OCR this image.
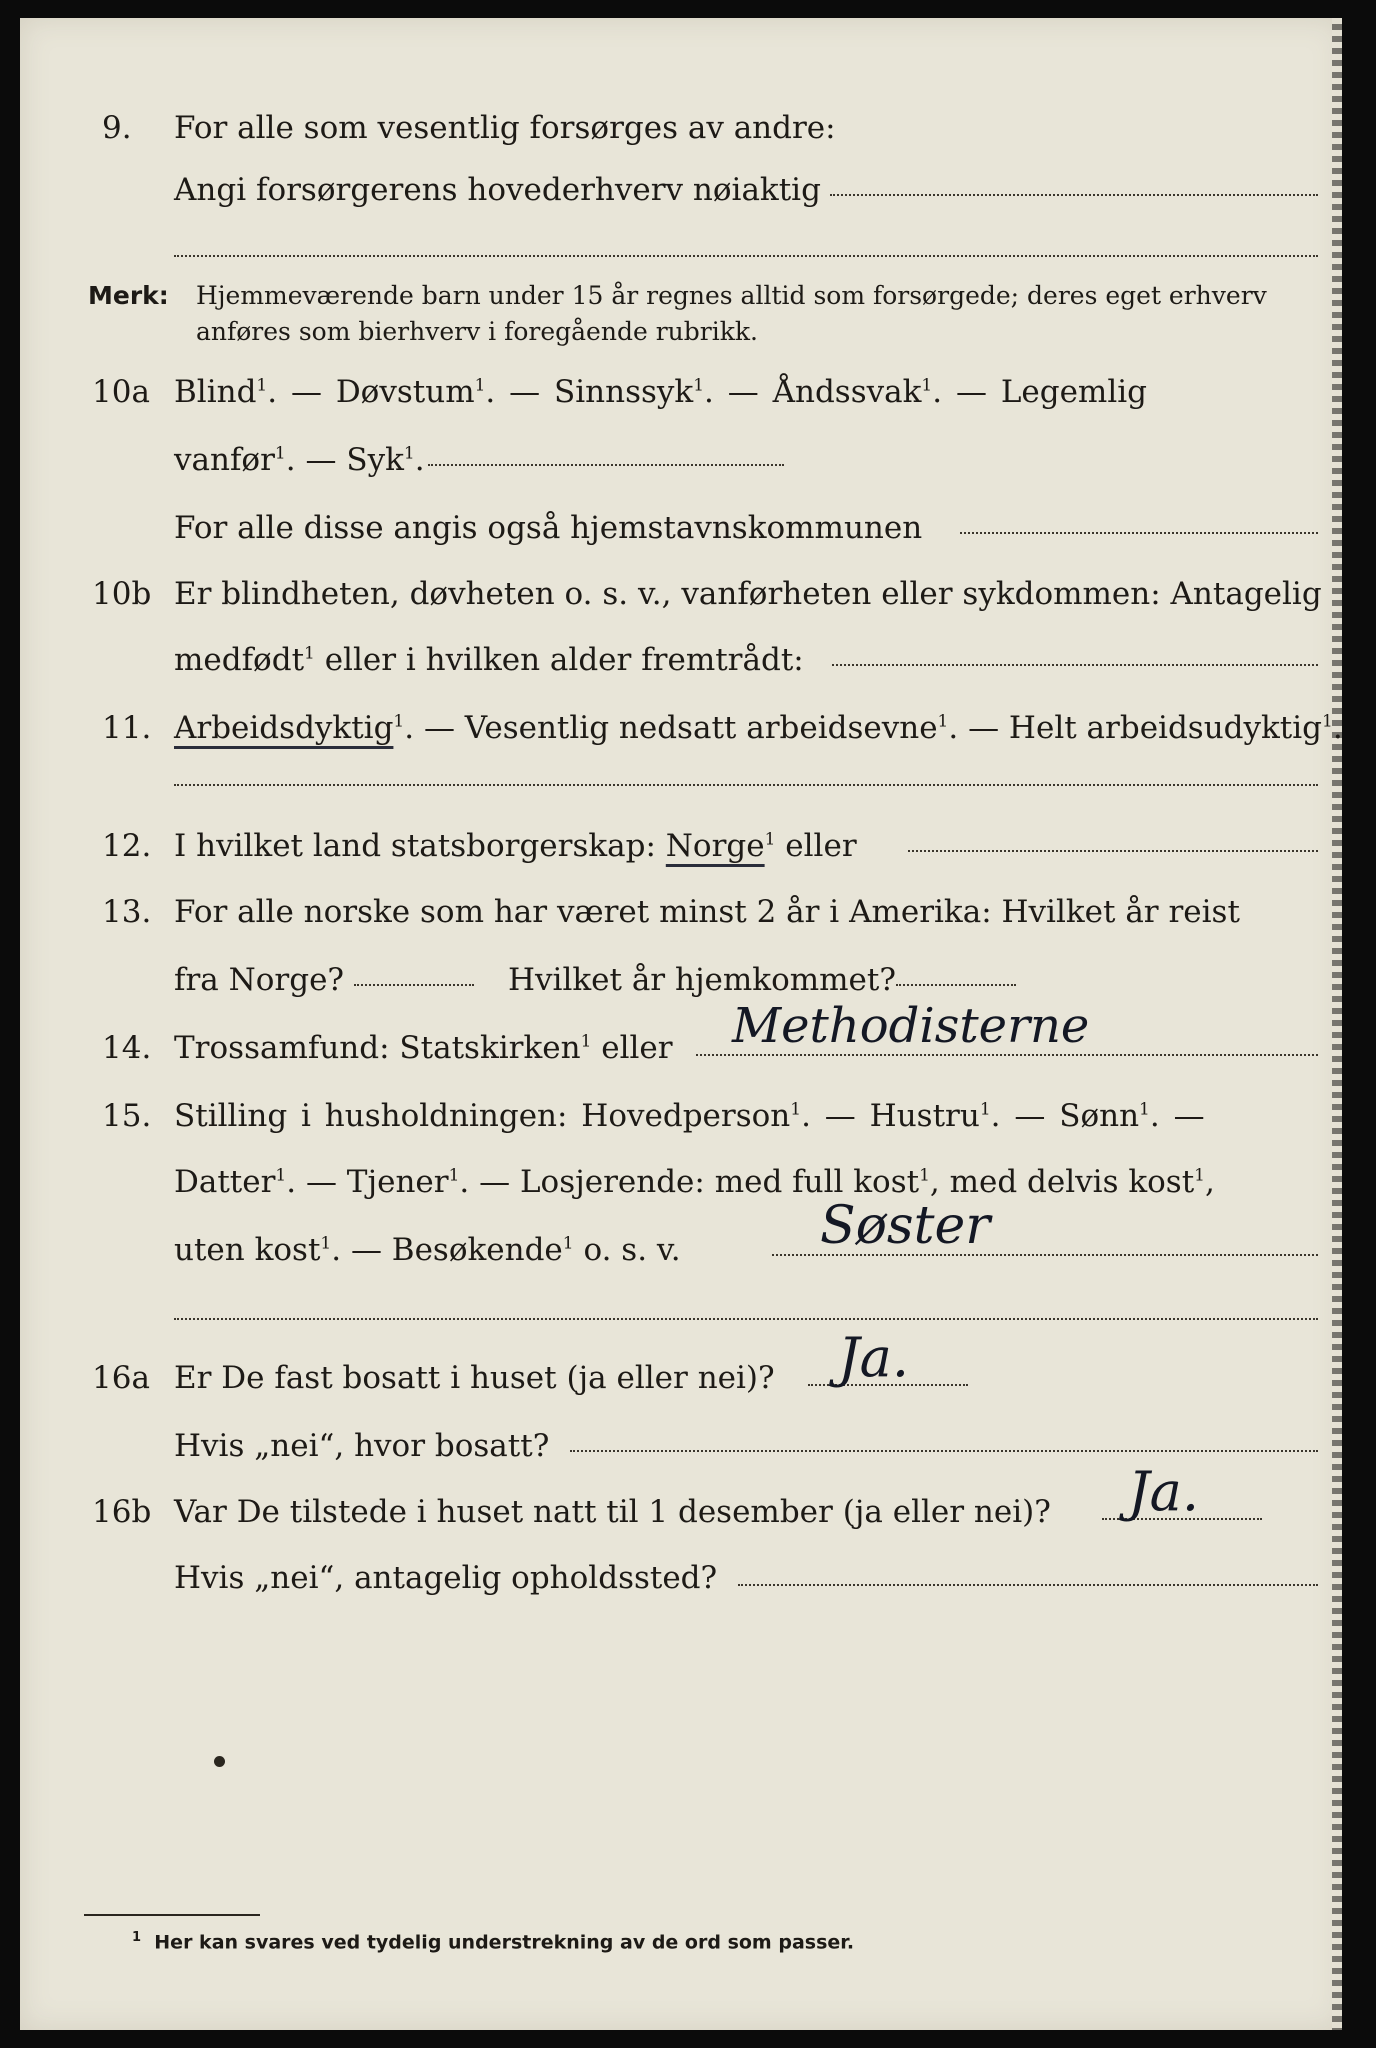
9. For alle som vesentlig forsørges av andre:
Angi forsørgerens hovederhverv nøiaktig
Merk: Hjemmeværende barn under 15 år regnes alltid som forsørgede; deres eget erhverv
anføres som bierhverv i foregående rubrikk.
10a Blind$^1$. — Døvstum$^1$. — Sinnssyk$^1$. — Åndssvak$^1$. — Legemlig
vanfør$^1$. — Syk$^1$.
For alle disse angis også hjemstavnskommunen
10b Er blindheten, døvheten o. s. v., vanførheten eller sykdommen: Antagelig
medfødt$^1$ eller i hvilken alder fremtrådt:
11. Arbeidsdyktig$^1$. — Vesentlig nedsatt arbeidsevne$^1$. — Helt arbeidsudyktig$^1$.
12. I hvilket land statsborgerskap: Norge$^1$ eller
13. For alle norske som har været minst 2 år i Amerika: Hvilket år reist
fra Norge?	Hvilket år hjemkommet?
14. Trossamfund: Statskirken$^1$ eller Methodisterne
15. Stilling i husholdningen: Hovedperson$^1$. — Hustru$^1$. — Sønn$^1$. —
Datter$^1$. — Tjener$^1$. — Losjerende: med full kost$^1$, med delvis kost$^1$,
uten kost$^1$. — Besøkende$^1$ o. s. v.	Søster
16a Er De fast bosatt i huset (ja eller nei)? Ja.
Hvis „nei“, hvor bosatt?
16b Var De tilstede i huset natt til 1 desember (ja eller nei)? Ja.
Hvis „nei“, antagelig opholdssted?
$^1$ Her kan svares ved tydelig understrekning av de ord som passer.
